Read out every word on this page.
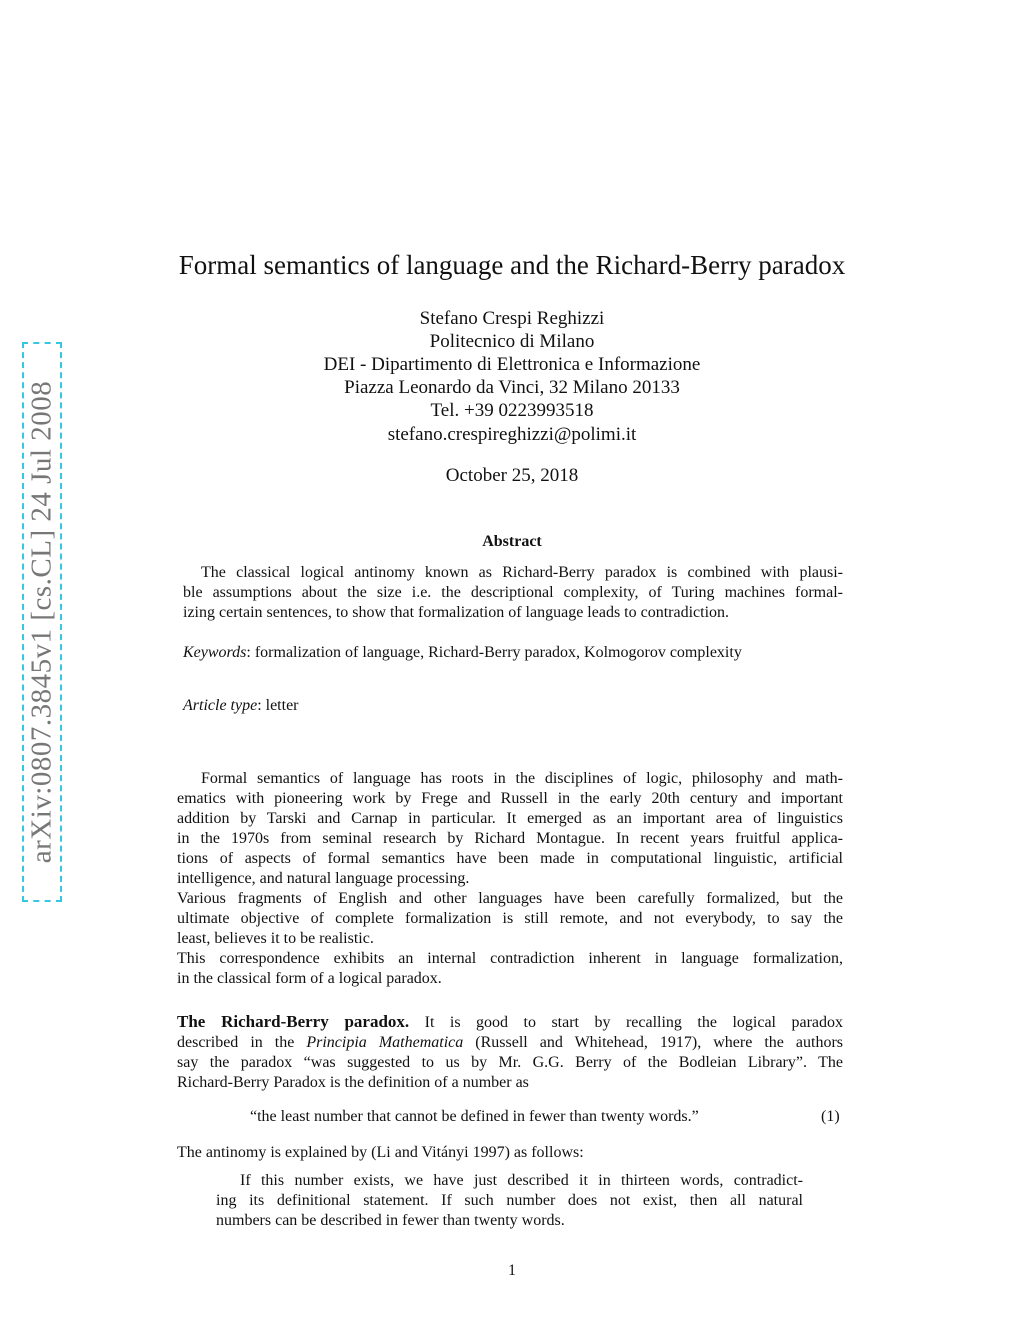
arXiv:0807.3845v1 [cs.CL] 24 Jul 2008
Formal semantics of language and the Richard-Berry paradox
Stefano Crespi Reghizzi
Politecnico di Milano
DEI - Dipartimento di Elettronica e Informazione
Piazza Leonardo da Vinci, 32 Milano 20133
Tel. +39 0223993518
stefano.crespireghizzi@polimi.it
October 25, 2018
Abstract
The classical logical antinomy known as Richard-Berry paradox is combined with plausi-
ble assumptions about the size i.e. the descriptional complexity, of Turing machines formal-
izing certain sentences, to show that formalization of language leads to contradiction.
Keywords: formalization of language, Richard-Berry paradox, Kolmogorov complexity
Article type: letter
Formal semantics of language has roots in the disciplines of logic, philosophy and math-
ematics with pioneering work by Frege and Russell in the early 20th century and important
addition by Tarski and Carnap in particular. It emerged as an important area of linguistics
in the 1970s from seminal research by Richard Montague. In recent years fruitful applica-
tions of aspects of formal semantics have been made in computational linguistic, artificial
intelligence, and natural language processing.
Various fragments of English and other languages have been carefully formalized, but the
ultimate objective of complete formalization is still remote, and not everybody, to say the
least, believes it to be realistic.
This correspondence exhibits an internal contradiction inherent in language formalization,
in the classical form of a logical paradox.
The Richard-Berry paradox. It is good to start by recalling the logical paradox
described in the Principia Mathematica (Russell and Whitehead, 1917), where the authors
say the paradox “was suggested to us by Mr. G.G. Berry of the Bodleian Library”. The
Richard-Berry Paradox is the definition of a number as
“the least number that cannot be defined in fewer than twenty words.”	(1)
The antinomy is explained by (Li and Vitányi 1997) as follows:
If this number exists, we have just described it in thirteen words, contradict-
ing its definitional statement. If such number does not exist, then all natural
numbers can be described in fewer than twenty words.
1
